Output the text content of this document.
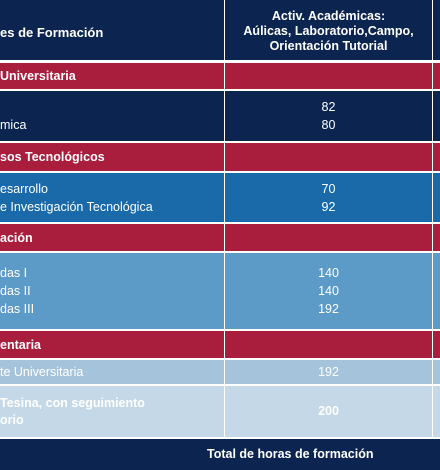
es de Formación
Activ. Académicas:
Aúlicas, Laboratorio,Campo,
Orientación Tutorial
Universitaria
mica
82
80
sos Tecnológicos
esarrollo
e Investigación Tecnológica
70
92
ación
das I
das II
das III
140
140
192
entaria
te Universitaria	192
Tesina, con seguimiento
orio
200
Total de horas de formación
